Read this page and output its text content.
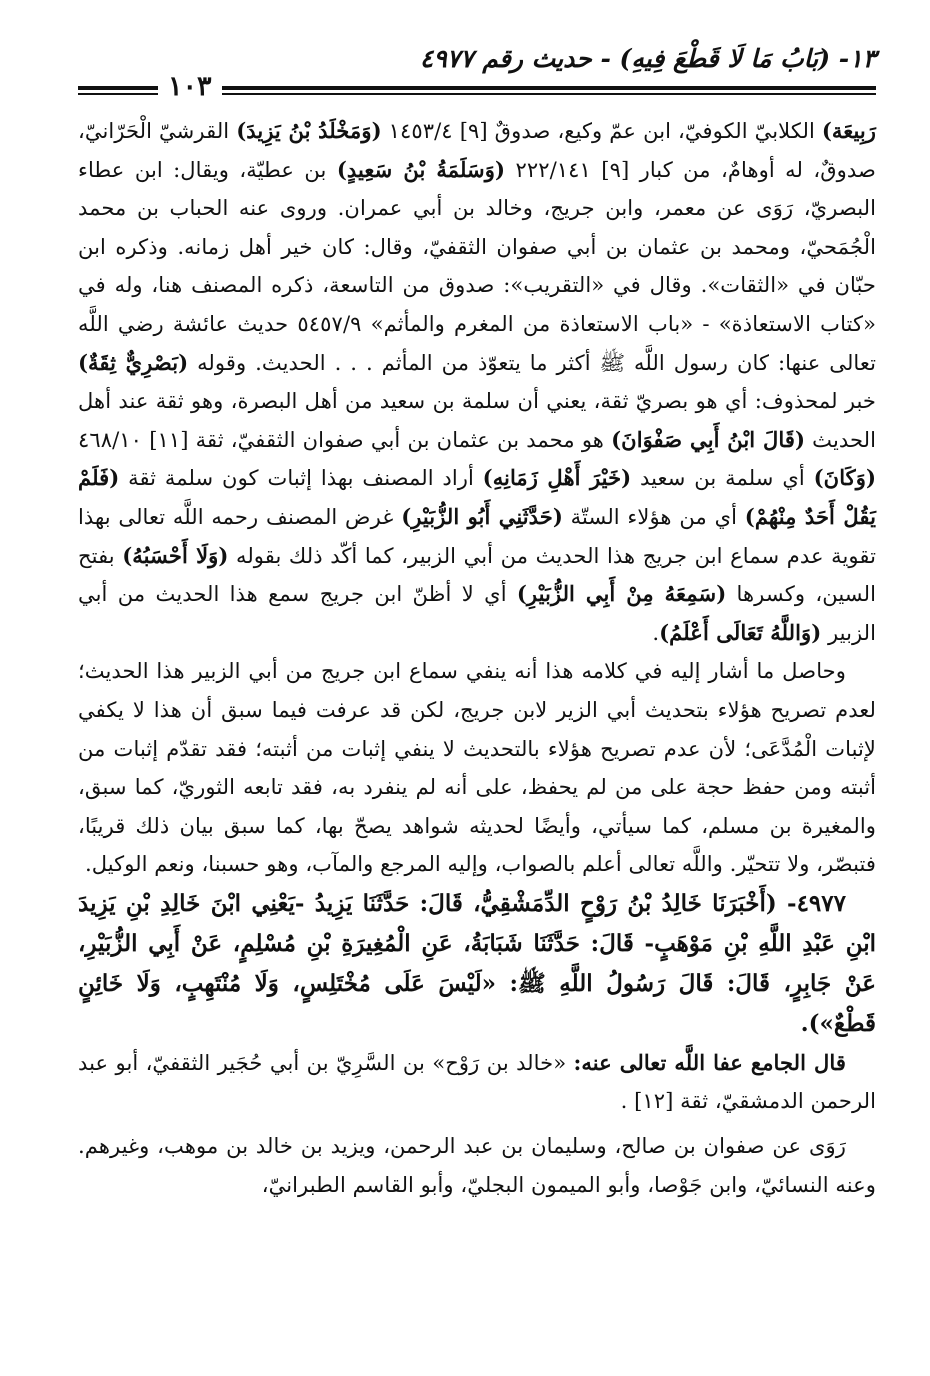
١٣- (بَابُ مَا لَا قَطْعَ فِيهِ) - حديث رقم ٤٩٧٧
١٠٣

رَبِيعَة) الكلابيّ الكوفيّ، ابن عمّ وكيع، صدوقٌ [٩] ١٤٥٣/٤ (وَمَخْلَدُ بْنُ يَزِيدَ) القرشيّ الْحَرّانيّ، صدوقٌ، له أوهامٌ، من كبار [٩] ٢٢٢/١٤١ (وَسَلَمَةُ بْنُ سَعِيدٍ) بن عطيّة، ويقال: ابن عطاء البصريّ، رَوَى عن معمر، وابن جريج، وخالد بن أبي عمران. وروى عنه الحباب بن محمد الْجُمَحيّ، ومحمد بن عثمان بن أبي صفوان الثقفيّ، وقال: كان خير أهل زمانه. وذكره ابن حبّان في «الثقات». وقال في «التقريب»: صدوق من التاسعة، ذكره المصنف هنا، وله في «كتاب الاستعاذة» - «باب الاستعاذة من المغرم والمأثم» ٥٤٥٧/٩ حديث عائشة رضي اللَّه تعالى عنها: كان رسول اللَّه ﷺ أكثر ما يتعوّذ من المأثم . . . الحديث. وقوله (بَصْرِيٌّ ثِقَةٌ) خبر لمحذوف: أي هو بصريّ ثقة، يعني أن سلمة بن سعيد من أهل البصرة، وهو ثقة عند أهل الحديث (قَالَ ابْنُ أَبِي صَفْوَانَ) هو محمد بن عثمان بن أبي صفوان الثقفيّ، ثقة [١١] ٤٦٨/١٠ (وَكَانَ) أي سلمة بن سعيد (خَيْرَ أَهْلِ زَمَانِهِ) أراد المصنف بهذا إثبات كون سلمة ثقة (فَلَمْ يَقُلْ أَحَدٌ مِنْهُمْ) أي من هؤلاء الستّة (حَدَّثَنِي أَبُو الزُّبَيْرِ) غرض المصنف رحمه اللَّه تعالى بهذا تقوية عدم سماع ابن جريج هذا الحديث من أبي الزبير، كما أكّد ذلك بقوله (وَلَا أَحْسَبُهُ) بفتح السين، وكسرها (سَمِعَهُ مِنْ أَبِي الزُّبَيْرِ) أي لا أظنّ ابن جريج سمع هذا الحديث من أبي الزبير (وَاللَّهُ تَعَالَى أَعْلَمُ).

وحاصل ما أشار إليه في كلامه هذا أنه ينفي سماع ابن جريج من أبي الزبير هذا الحديث؛ لعدم تصريح هؤلاء بتحديث أبي الزير لابن جريج، لكن قد عرفت فيما سبق أن هذا لا يكفي لإثبات الْمُدَّعَى؛ لأن عدم تصريح هؤلاء بالتحديث لا ينفي إثبات من أثبته؛ فقد تقدّم إثبات من أثبته ومن حفظ حجة على من لم يحفظ، على أنه لم ينفرد به، فقد تابعه الثوريّ، كما سبق، والمغيرة بن مسلم، كما سيأتي، وأيضًا لحديثه شواهد يصحّ بها، كما سبق بيان ذلك قريبًا، فتبصّر، ولا تتحيّر. واللَّه تعالى أعلم بالصواب، وإليه المرجع والمآب، وهو حسبنا، ونعم الوكيل.

٤٩٧٧- (أَخْبَرَنَا خَالِدُ بْنُ رَوْحٍ الدِّمَشْقِيُّ، قَالَ: حَدَّثَنَا يَزِيدُ -يَعْنِي ابْنَ خَالِدِ بْنِ يَزِيدَ ابْنِ عَبْدِ اللَّهِ بْنِ مَوْهَبٍ- قَالَ: حَدَّثَنَا شَبَابَةُ، عَنِ الْمُغِيرَةِ بْنِ مُسْلِمٍ، عَنْ أَبِي الزُّبَيْرِ، عَنْ جَابِرٍ، قَالَ: قَالَ رَسُولُ اللَّهِ ﷺ: «لَيْسَ عَلَى مُخْتَلِسٍ، وَلَا مُنْتَهِبٍ، وَلَا خَائِنٍ قَطْعٌ»).

قال الجامع عفا اللَّه تعالى عنه: «خالد بن رَوْح» بن السَّرِيّ بن أبي حُجَير الثقفيّ، أبو عبد الرحمن الدمشقيّ، ثقة [١٢] .

رَوَى عن صفوان بن صالح، وسليمان بن عبد الرحمن، ويزيد بن خالد بن موهب، وغيرهم. وعنه النسائيّ، وابن جَوْصا، وأبو الميمون البجليّ، وأبو القاسم الطبرانيّ،
